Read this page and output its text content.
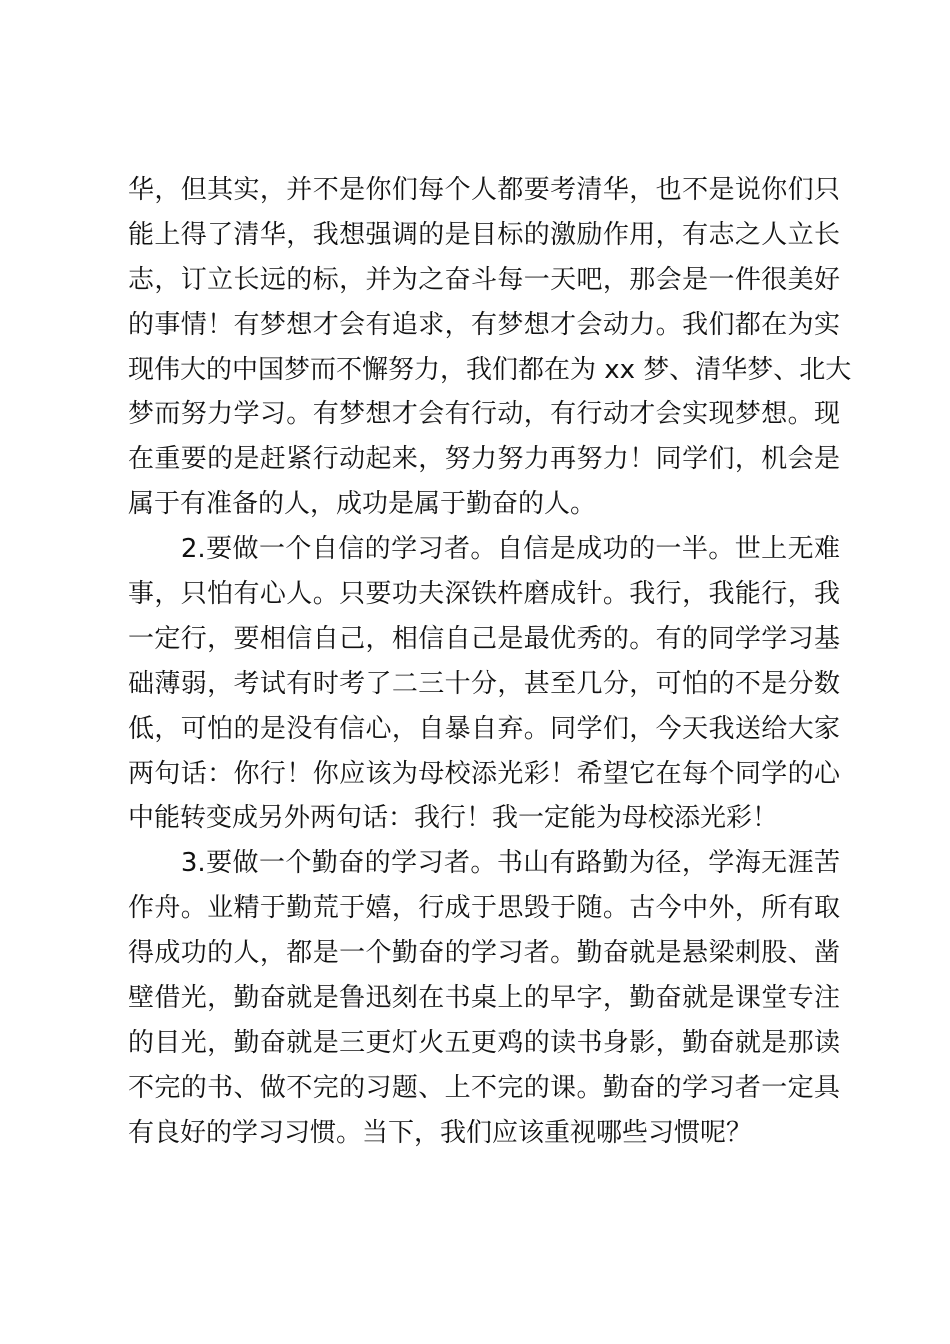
华，但其实，并不是你们每个人都要考清华，也不是说你们只
能上得了清华，我想强调的是目标的激励作用，有志之人立长
志，订立长远的标，并为之奋斗每一天吧，那会是一件很美好
的事情！有梦想才会有追求，有梦想才会动力。我们都在为实
现伟大的中国梦而不懈努力，我们都在为 xx 梦、清华梦、北大
梦而努力学习。有梦想才会有行动，有行动才会实现梦想。现
在重要的是赶紧行动起来，努力努力再努力！同学们，机会是
属于有准备的人，成功是属于勤奋的人。
　　2.要做一个自信的学习者。自信是成功的一半。世上无难
事，只怕有心人。只要功夫深铁杵磨成针。我行，我能行，我
一定行，要相信自己，相信自己是最优秀的。有的同学学习基
础薄弱，考试有时考了二三十分，甚至几分，可怕的不是分数
低，可怕的是没有信心，自暴自弃。同学们，今天我送给大家
两句话：你行！你应该为母校添光彩！希望它在每个同学的心
中能转变成另外两句话：我行！我一定能为母校添光彩！
　　3.要做一个勤奋的学习者。书山有路勤为径，学海无涯苦
作舟。业精于勤荒于嬉，行成于思毁于随。古今中外，所有取
得成功的人，都是一个勤奋的学习者。勤奋就是悬梁刺股、凿
壁借光，勤奋就是鲁迅刻在书桌上的早字，勤奋就是课堂专注
的目光，勤奋就是三更灯火五更鸡的读书身影，勤奋就是那读
不完的书、做不完的习题、上不完的课。勤奋的学习者一定具
有良好的学习习惯。当下，我们应该重视哪些习惯呢？
